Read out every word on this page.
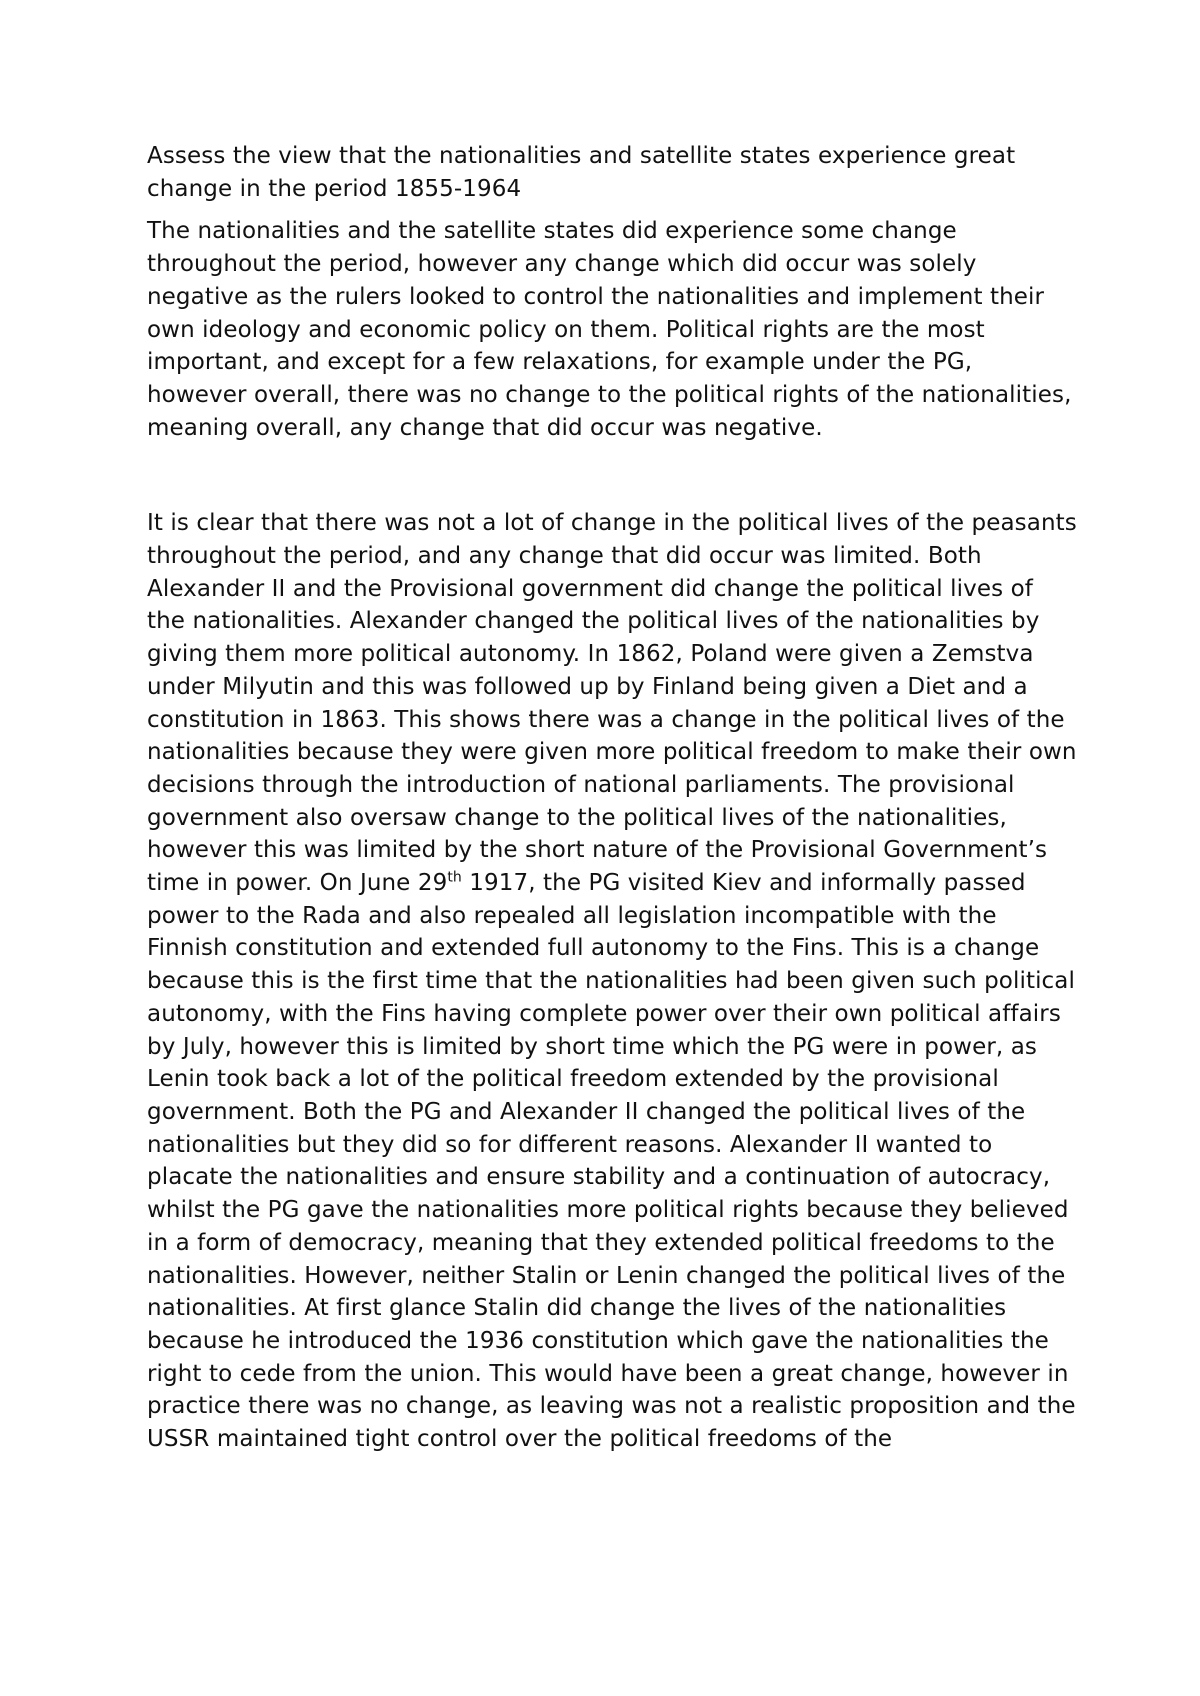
Assess the view that the nationalities and satellite states experience great change in the period 1855-1964

The nationalities and the satellite states did experience some change throughout the period, however any change which did occur was solely negative as the rulers looked to control the nationalities and implement their own ideology and economic policy on them. Political rights are the most important, and except for a few relaxations, for example under the PG, however overall, there was no change to the political rights of the nationalities, meaning overall, any change that did occur was negative.

It is clear that there was not a lot of change in the political lives of the peasants throughout the period, and any change that did occur was limited. Both Alexander II and the Provisional government did change the political lives of the nationalities. Alexander changed the political lives of the nationalities by giving them more political autonomy. In 1862, Poland were given a Zemstva under Milyutin and this was followed up by Finland being given a Diet and a constitution in 1863. This shows there was a change in the political lives of the nationalities because they were given more political freedom to make their own decisions through the introduction of national parliaments. The provisional government also oversaw change to the political lives of the nationalities, however this was limited by the short nature of the Provisional Government’s time in power. On June 29th 1917, the PG visited Kiev and informally passed power to the Rada and also repealed all legislation incompatible with the Finnish constitution and extended full autonomy to the Fins. This is a change because this is the first time that the nationalities had been given such political autonomy, with the Fins having complete power over their own political affairs by July, however this is limited by short time which the PG were in power, as Lenin took back a lot of the political freedom extended by the provisional government. Both the PG and Alexander II changed the political lives of the nationalities but they did so for different reasons. Alexander II wanted to placate the nationalities and ensure stability and a continuation of autocracy, whilst the PG gave the nationalities more political rights because they believed in a form of democracy, meaning that they extended political freedoms to the nationalities. However, neither Stalin or Lenin changed the political lives of the nationalities. At first glance Stalin did change the lives of the nationalities because he introduced the 1936 constitution which gave the nationalities the right to cede from the union. This would have been a great change, however in practice there was no change, as leaving was not a realistic proposition and the USSR maintained tight control over the political freedoms of the
